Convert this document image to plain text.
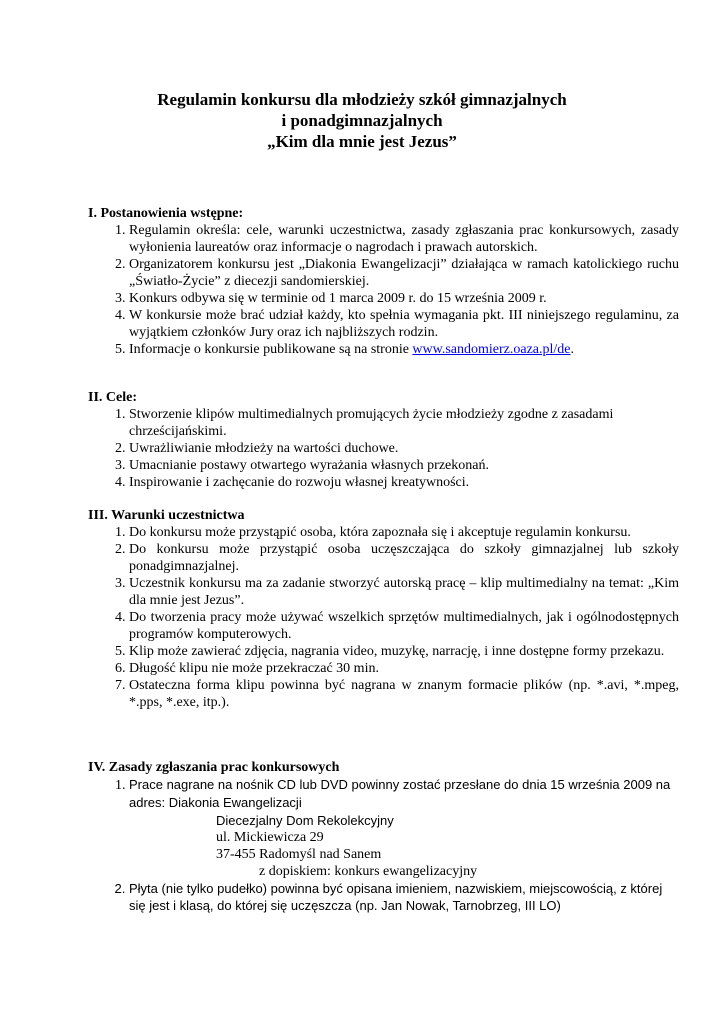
Regulamin konkursu dla młodzieży szkół gimnazjalnych
i ponadgimnazjalnych
„Kim dla mnie jest Jezus”
I. Postanowienia wstępne:
1. Regulamin określa: cele, warunki uczestnictwa, zasady zgłaszania prac konkursowych, zasady wyłonienia laureatów oraz informacje o nagrodach i prawach autorskich.
2. Organizatorem konkursu jest „Diakonia Ewangelizacji” działająca w ramach katolickiego ruchu „Światło-Życie” z diecezji sandomierskiej.
3. Konkurs odbywa się w terminie od 1 marca 2009 r. do 15 września 2009 r.
4. W konkursie może brać udział każdy, kto spełnia wymagania pkt. III niniejszego regulaminu, za wyjątkiem członków Jury oraz ich najbliższych rodzin.
5. Informacje o konkursie publikowane są na stronie www.sandomierz.oaza.pl/de.
II. Cele:
1. Stworzenie klipów multimedialnych promujących życie młodzieży zgodne z zasadami chrześcijańskimi.
2. Uwrażliwianie młodzieży na wartości duchowe.
3. Umacnianie postawy otwartego wyrażania własnych przekonań.
4. Inspirowanie i zachęcanie do rozwoju własnej kreatywności.
III. Warunki uczestnictwa
1. Do konkursu może przystąpić osoba, która zapoznała się i akceptuje regulamin konkursu.
2. Do konkursu może przystąpić osoba uczęszczająca do szkoły gimnazjalnej lub szkoły ponadgimnazjalnej.
3. Uczestnik konkursu ma za zadanie stworzyć autorską pracę – klip multimedialny na temat: „Kim dla mnie jest Jezus”.
4. Do tworzenia pracy może używać wszelkich sprzętów multimedialnych, jak i ogólnodostępnych programów komputerowych.
5. Klip może zawierać zdjęcia, nagrania video, muzykę, narrację, i inne dostępne formy przekazu.
6. Długość klipu nie może przekraczać 30 min.
7. Ostateczna forma klipu powinna być nagrana w znanym formacie plików (np. *.avi, *.mpeg, *.pps, *.exe, itp.).
IV. Zasady zgłaszania prac konkursowych
1. Prace nagrane na nośnik CD lub DVD powinny zostać przesłane do dnia 15 września 2009 na adres: Diakonia Ewangelizacji
Diecezjalny Dom Rekolekcyjny
ul. Mickiewicza 29
37-455 Radomyśl nad Sanem
z dopiskiem: konkurs ewangelizacyjny
2. Płyta (nie tylko pudełko) powinna być opisana imieniem, nazwiskiem, miejscowością, z której się jest i klasą, do której się uczęszcza (np. Jan Nowak, Tarnobrzeg, III LO)
